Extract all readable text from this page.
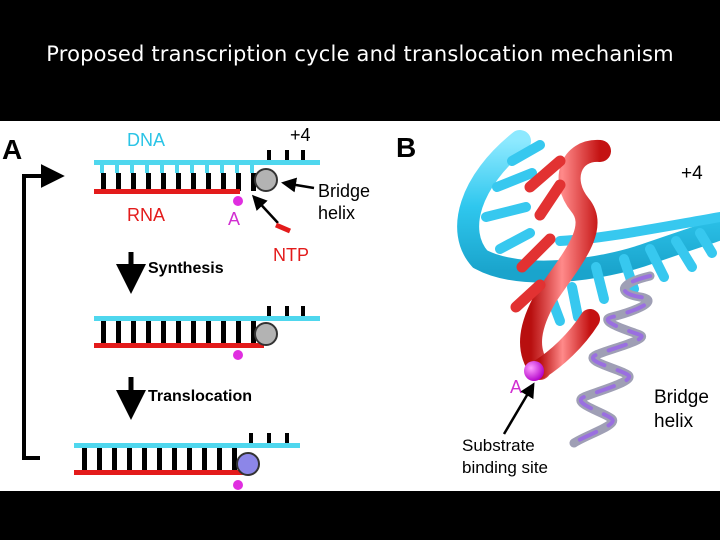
Proposed transcription cycle and translocation mechanism
A	DNA	+4
RNA	A
Bridge
helix
NTP
Synthesis
Translocation
B
+4
A
Substrate
binding site
Bridge
helix
